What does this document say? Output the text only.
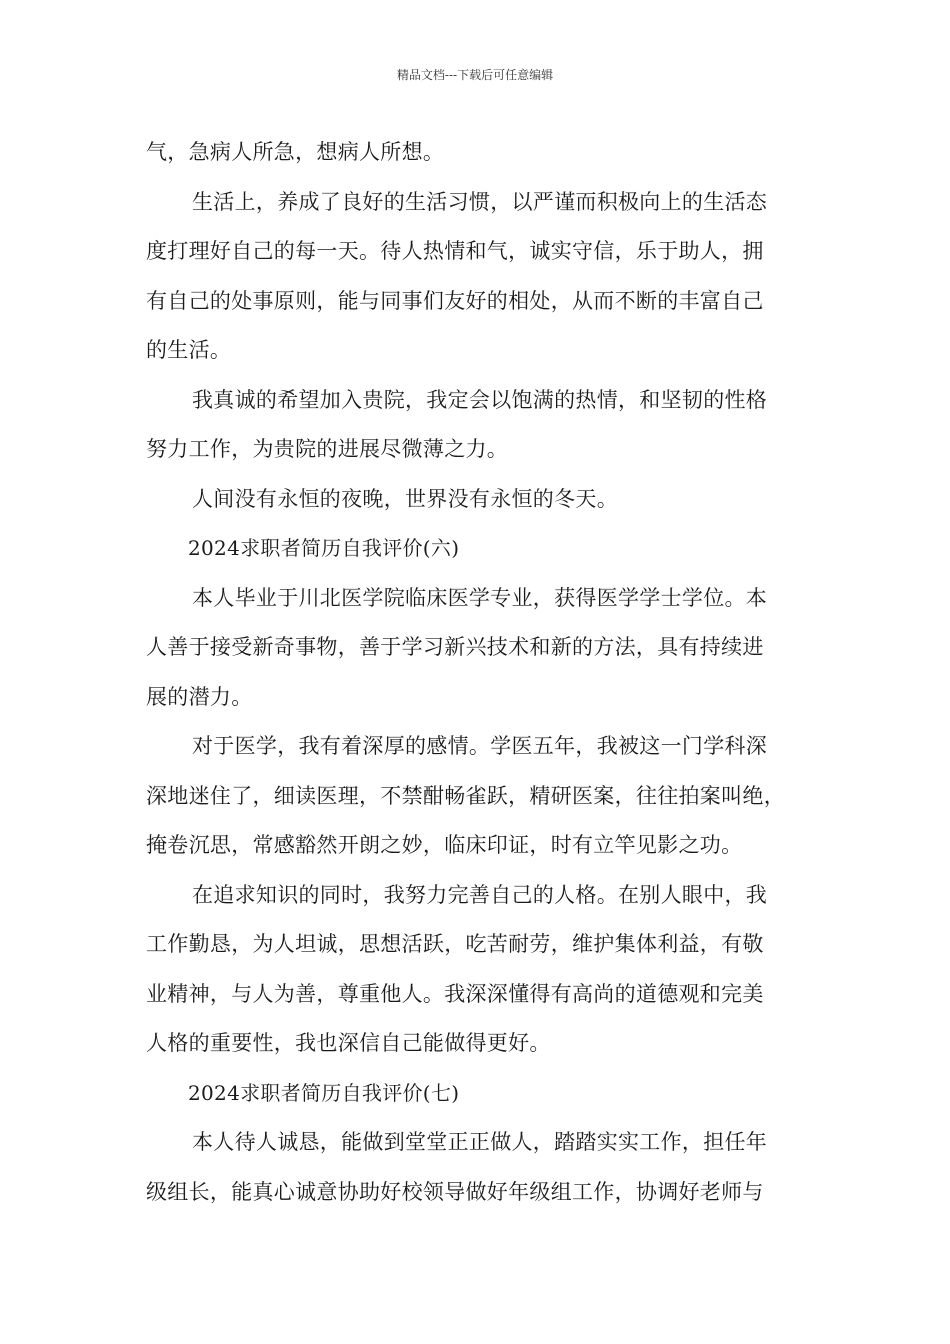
精品文档---下载后可任意编辑
气，急病人所急，想病人所想。
生活上，养成了良好的生活习惯，以严谨而积极向上的生活态
度打理好自己的每一天。待人热情和气，诚实守信，乐于助人，拥
有自己的处事原则，能与同事们友好的相处，从而不断的丰富自己
的生活。
我真诚的希望加入贵院，我定会以饱满的热情，和坚韧的性格
努力工作，为贵院的进展尽微薄之力。
人间没有永恒的夜晚，世界没有永恒的冬天。
2024求职者简历自我评价(六)
本人毕业于川北医学院临床医学专业，获得医学学士学位。本
人善于接受新奇事物，善于学习新兴技术和新的方法，具有持续进
展的潜力。
对于医学，我有着深厚的感情。学医五年，我被这一门学科深
深地迷住了，细读医理，不禁酣畅雀跃，精研医案，往往拍案叫绝，
掩卷沉思，常感豁然开朗之妙，临床印证，时有立竿见影之功。
在追求知识的同时，我努力完善自己的人格。在别人眼中，我
工作勤恳，为人坦诚，思想活跃，吃苦耐劳，维护集体利益，有敬
业精神，与人为善，尊重他人。我深深懂得有高尚的道德观和完美
人格的重要性，我也深信自己能做得更好。
2024求职者简历自我评价(七)
本人待人诚恳，能做到堂堂正正做人，踏踏实实工作，担任年
级组长，能真心诚意协助好校领导做好年级组工作，协调好老师与
